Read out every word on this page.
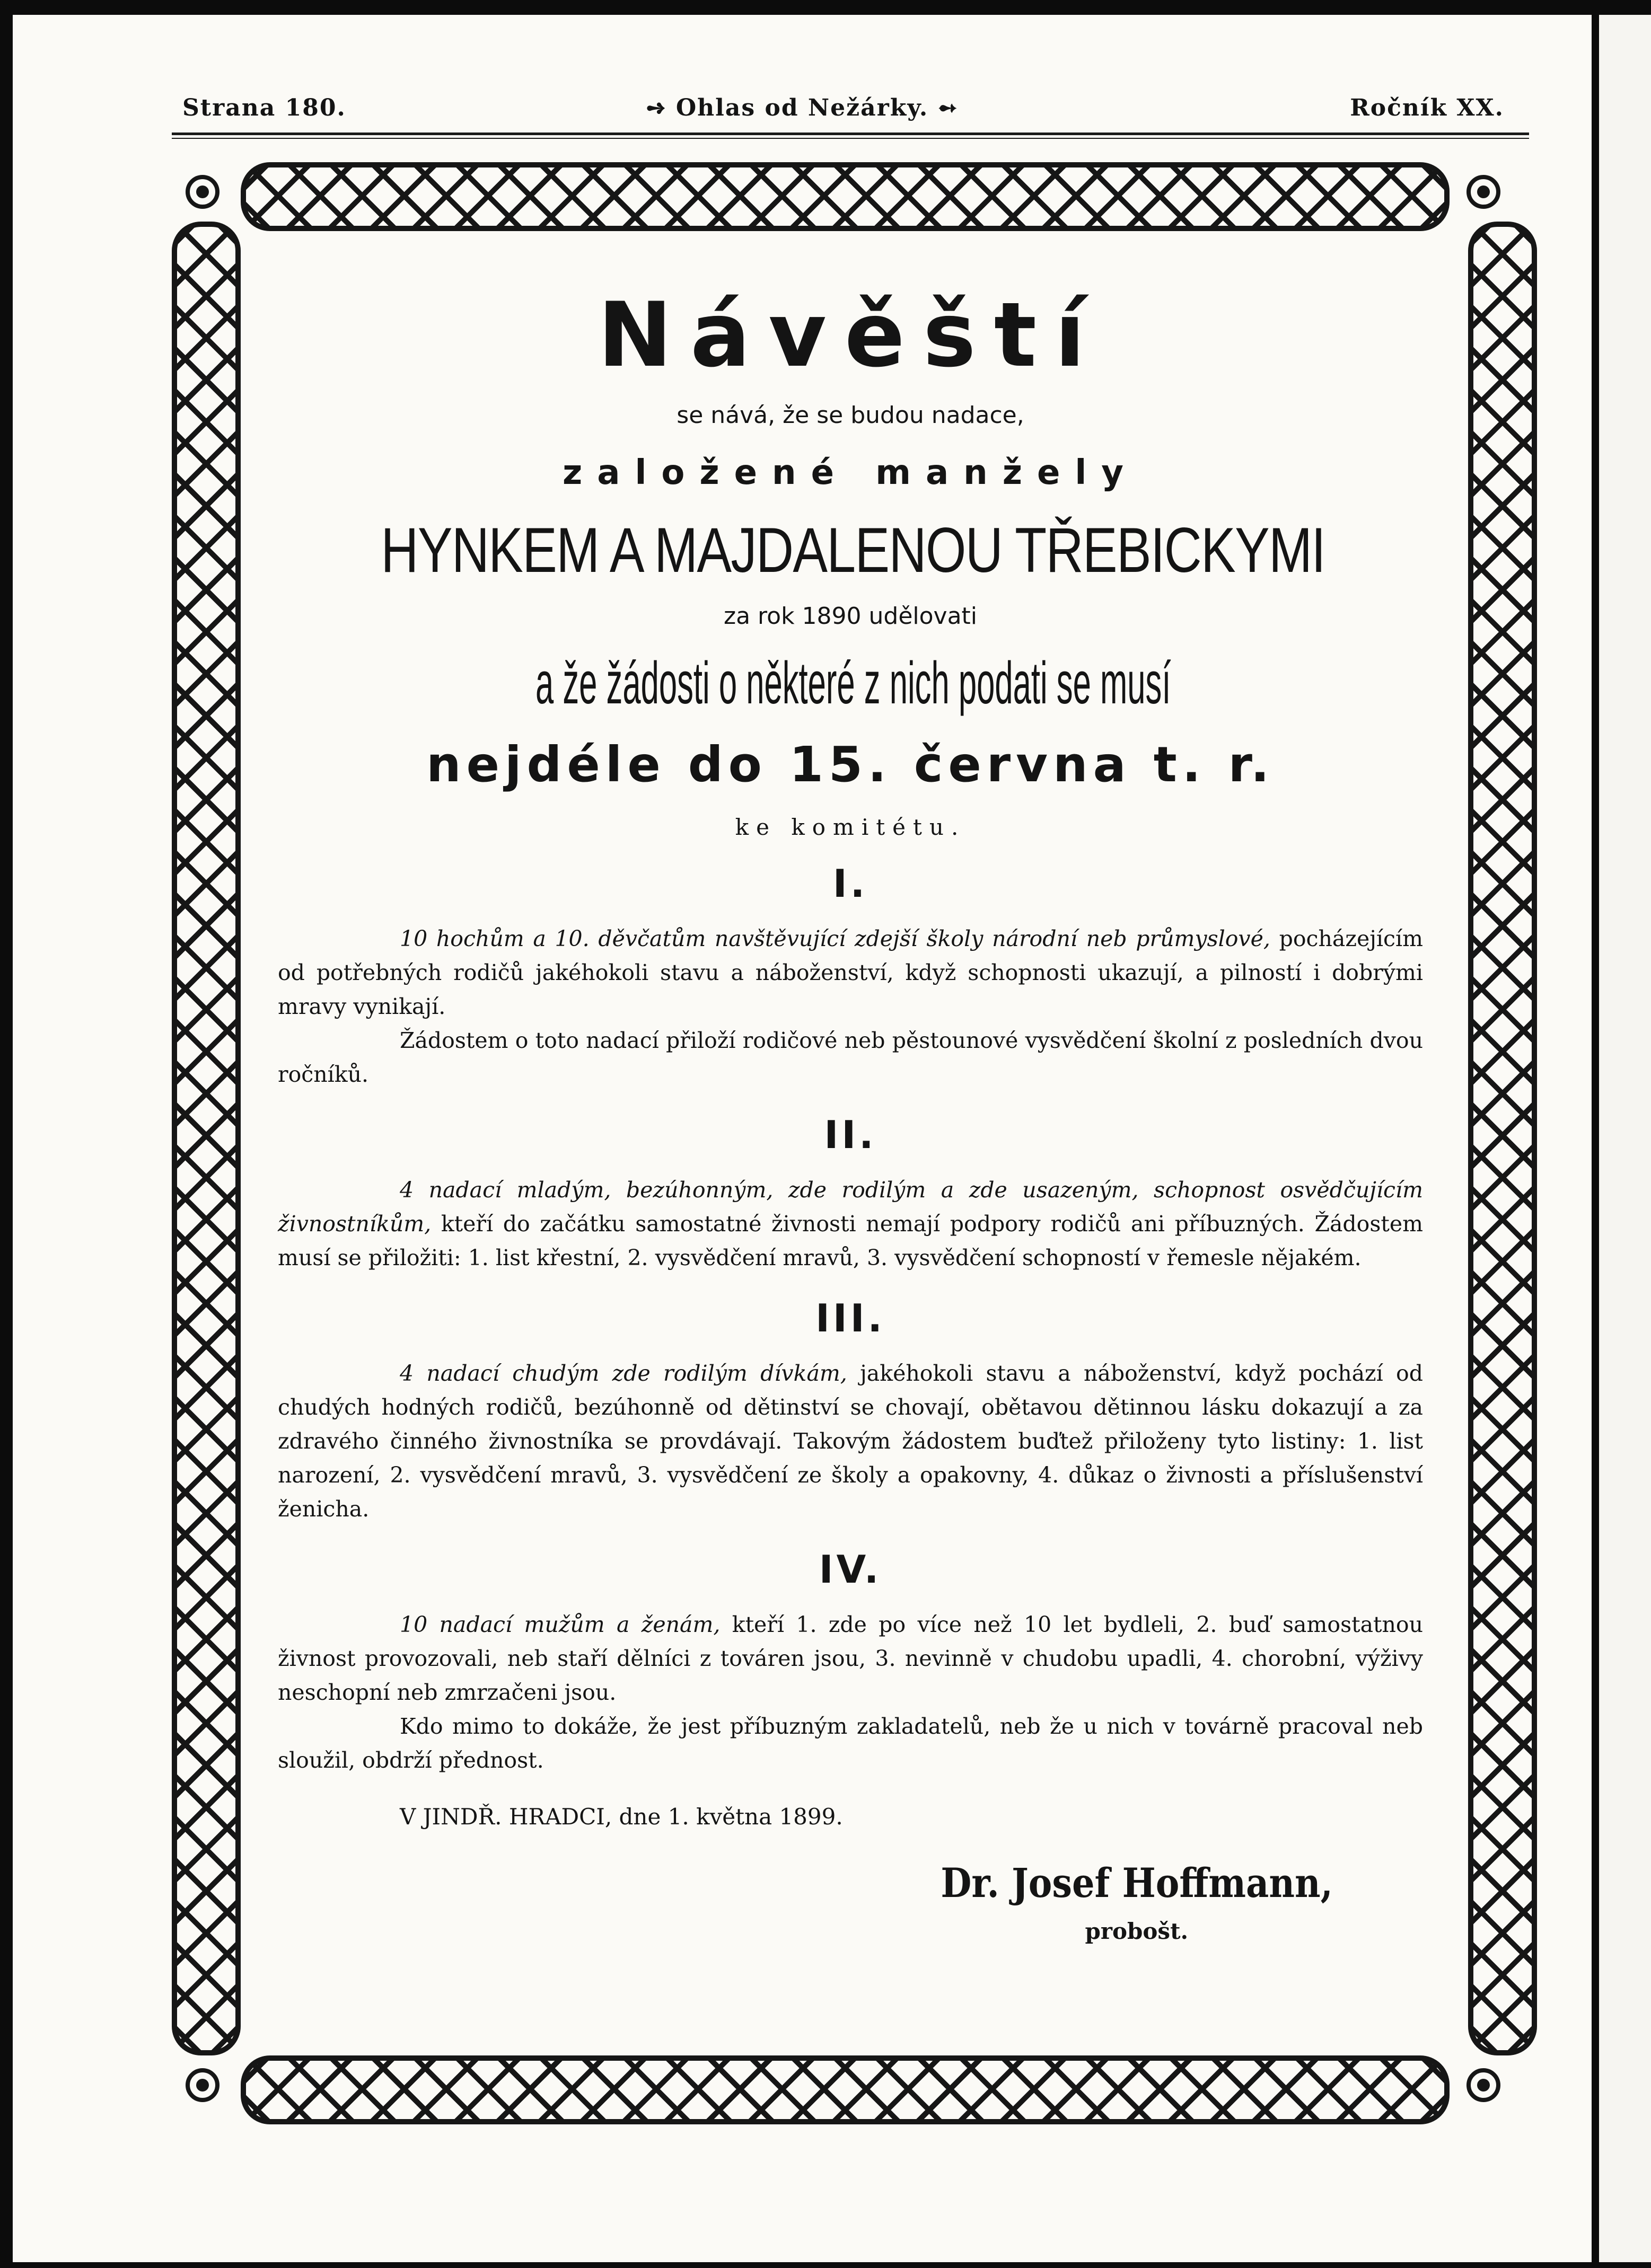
Strana 180.	➺ Ohlas od Nežárky. ➻	Ročník XX.
Návěští
se nává, že se budou nadace,
založené manžely
HYNKEM A MAJDALENOU TŘEBICKYMI
za rok 1890 udělovati
a že žádosti o některé z nich podati se musí
nejdéle do 15. června t. r.
ke komitétu.
I.

10 hochům a 10. děvčatům navštěvující zdejší školy národní neb průmyslové, pocházejícím od potřebných rodičů jakéhokoli stavu a náboženství, když schopnosti ukazují, a pilností i dobrými mravy vynikají.

Žádostem o toto nadací přiloží rodičové neb pěstounové vysvědčení školní z posledních dvou ročníků.

II.

4 nadací mladým, bezúhonným, zde rodilým a zde usazeným, schopnost osvědčujícím živnostníkům, kteří do začátku samostatné živnosti nemají podpory rodičů ani příbuzných. Žádostem musí se přiložiti: 1. list křestní, 2. vysvědčení mravů, 3. vysvědčení schopností v řemesle nějakém.

III.

4 nadací chudým zde rodilým dívkám, jakéhokoli stavu a náboženství, když pochází od chudých hodných rodičů, bezúhonně od dětinství se chovají, obětavou dětinnou lásku dokazují a za zdravého činného živnostníka se provdávají. Takovým žádostem buďtež přiloženy tyto listiny: 1. list narození, 2. vysvědčení mravů, 3. vysvědčení ze školy a opakovny, 4. důkaz o živnosti a příslušenství ženicha.

IV.

10 nadací mužům a ženám, kteří 1. zde po více než 10 let bydleli, 2. buď samostatnou živnost provozovali, neb staří dělníci z továren jsou, 3. nevinně v chudobu upadli, 4. chorobní, výživy neschopní neb zmrzačeni jsou.

Kdo mimo to dokáže, že jest příbuzným zakladatelů, neb že u nich v továrně pracoval neb sloužil, obdrží přednost.

V JINDŘ. HRADCI, dne 1. května 1899.
Dr. Josef Hoffmann,
probošt.
